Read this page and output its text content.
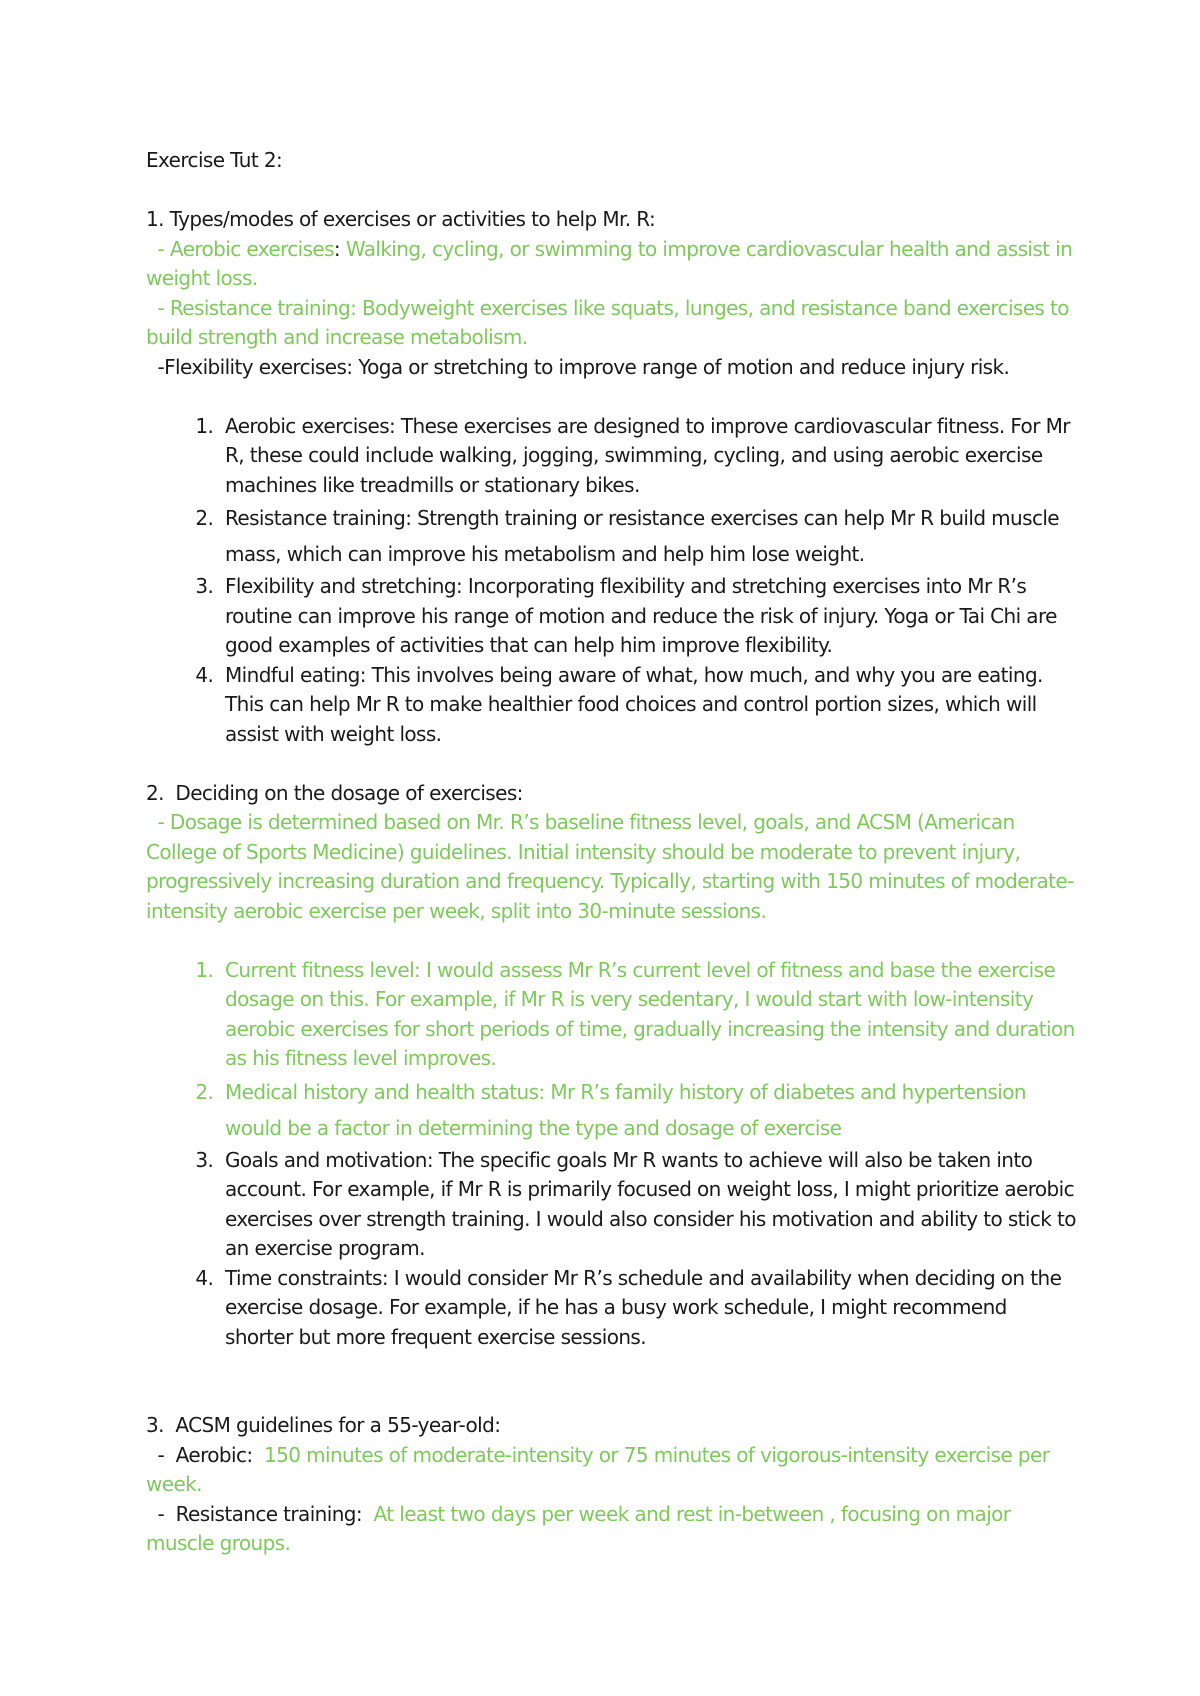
Exercise Tut 2:

1. Types/modes of exercises or activities to help Mr. R:

- Aerobic exercises: Walking, cycling, or swimming to improve cardiovascular health and assist in weight loss.

- Resistance training: Bodyweight exercises like squats, lunges, and resistance band exercises to build strength and increase metabolism.

-Flexibility exercises: Yoga or stretching to improve range of motion and reduce injury risk.

1. Aerobic exercises: These exercises are designed to improve cardiovascular fitness. For Mr R, these could include walking, jogging, swimming, cycling, and using aerobic exercise machines like treadmills or stationary bikes.
2. Resistance training: Strength training or resistance exercises can help Mr R build muscle mass, which can improve his metabolism and help him lose weight.
3. Flexibility and stretching: Incorporating flexibility and stretching exercises into Mr R’s routine can improve his range of motion and reduce the risk of injury. Yoga or Tai Chi are good examples of activities that can help him improve flexibility.
4. Mindful eating: This involves being aware of what, how much, and why you are eating. This can help Mr R to make healthier food choices and control portion sizes, which will assist with weight loss.

2.  Deciding on the dosage of exercises:

- Dosage is determined based on Mr. R’s baseline fitness level, goals, and ACSM (American College of Sports Medicine) guidelines. Initial intensity should be moderate to prevent injury, progressively increasing duration and frequency. Typically, starting with 150 minutes of moderate-intensity aerobic exercise per week, split into 30-minute sessions.

1. Current fitness level: I would assess Mr R’s current level of fitness and base the exercise dosage on this. For example, if Mr R is very sedentary, I would start with low-intensity aerobic exercises for short periods of time, gradually increasing the intensity and duration as his fitness level improves.
2. Medical history and health status: Mr R’s family history of diabetes and hypertension would be a factor in determining the type and dosage of exercise
3. Goals and motivation: The specific goals Mr R wants to achieve will also be taken into account. For example, if Mr R is primarily focused on weight loss, I might prioritize aerobic exercises over strength training. I would also consider his motivation and ability to stick to an exercise program.
4. Time constraints: I would consider Mr R’s schedule and availability when deciding on the exercise dosage. For example, if he has a busy work schedule, I might recommend shorter but more frequent exercise sessions.

3.  ACSM guidelines for a 55-year-old:

-  Aerobic:  150 minutes of moderate-intensity or 75 minutes of vigorous-intensity exercise per week.

-  Resistance training:  At least two days per week and rest in-between , focusing on major muscle groups.
